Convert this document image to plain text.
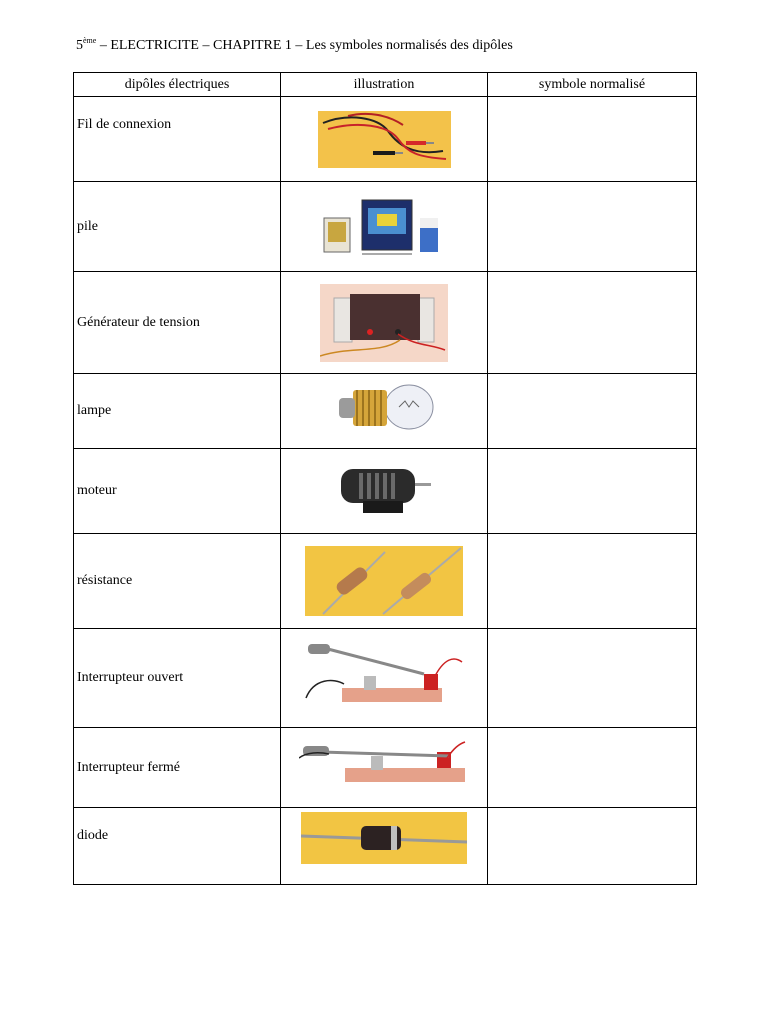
5ème – ELECTRICITE – CHAPITRE 1 – Les symboles normalisés des dipôles
dipôles électriques	illustration	symbole normalisé
Fil de connexion	

pile	

Générateur de tension	

lampe	

moteur	

résistance	

Interrupteur ouvert	

Interrupteur fermé	

diode	
